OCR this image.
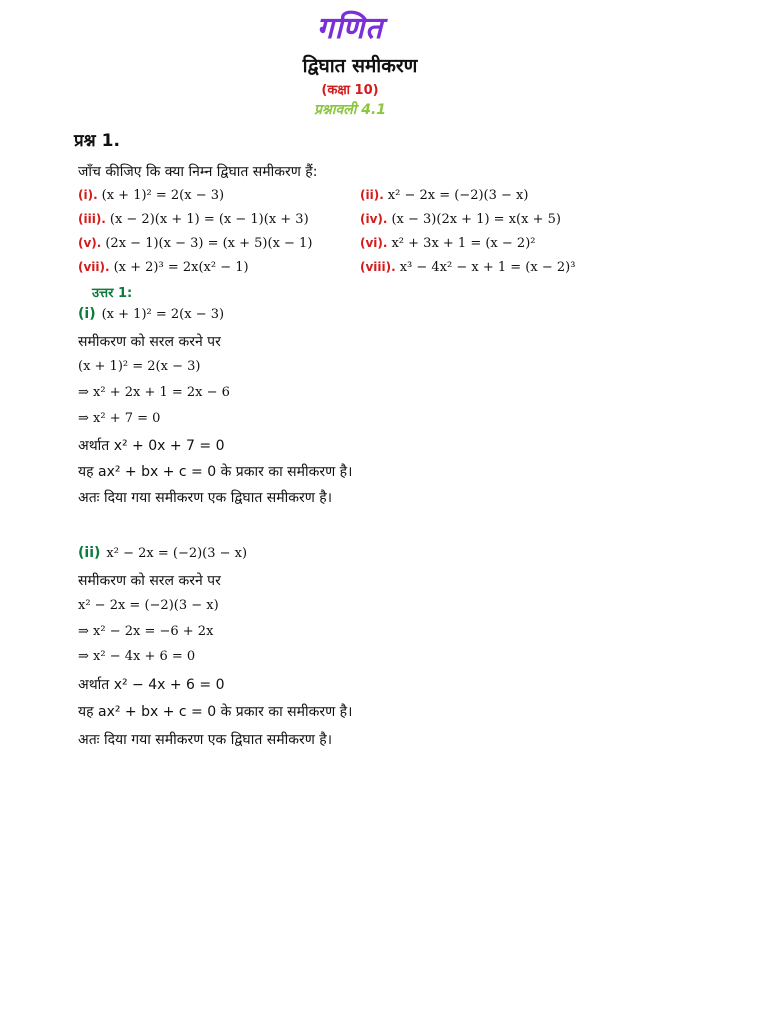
गणित
द्विघात समीकरण
(कक्षा 10)
प्रश्नावली 4.1
प्रश्न 1.
जाँच कीजिए कि क्या निम्न द्विघात समीकरण हैं:
(i). (x + 1)² = 2(x − 3)	(ii). x² − 2x = (−2)(3 − x)
(iii). (x − 2)(x + 1) = (x − 1)(x + 3)	(iv). (x − 3)(2x + 1) = x(x + 5)
(v). (2x − 1)(x − 3) = (x + 5)(x − 1)	(vi). x² + 3x + 1 = (x − 2)²
(vii). (x + 2)³ = 2x(x² − 1)	(viii). x³ − 4x² − x + 1 = (x − 2)³
उत्तर 1:
(i) (x + 1)² = 2(x − 3)
समीकरण को सरल करने पर
(x + 1)² = 2(x − 3)
⇒ x² + 2x + 1 = 2x − 6
⇒ x² + 7 = 0
अर्थात x² + 0x + 7 = 0
यह ax² + bx + c = 0 के प्रकार का समीकरण है।
अतः दिया गया समीकरण एक द्विघात समीकरण है।
(ii) x² − 2x = (−2)(3 − x)
समीकरण को सरल करने पर
x² − 2x = (−2)(3 − x)
⇒ x² − 2x = −6 + 2x
⇒ x² − 4x + 6 = 0
अर्थात x² − 4x + 6 = 0
यह ax² + bx + c = 0 के प्रकार का समीकरण है।
अतः दिया गया समीकरण एक द्विघात समीकरण है।
